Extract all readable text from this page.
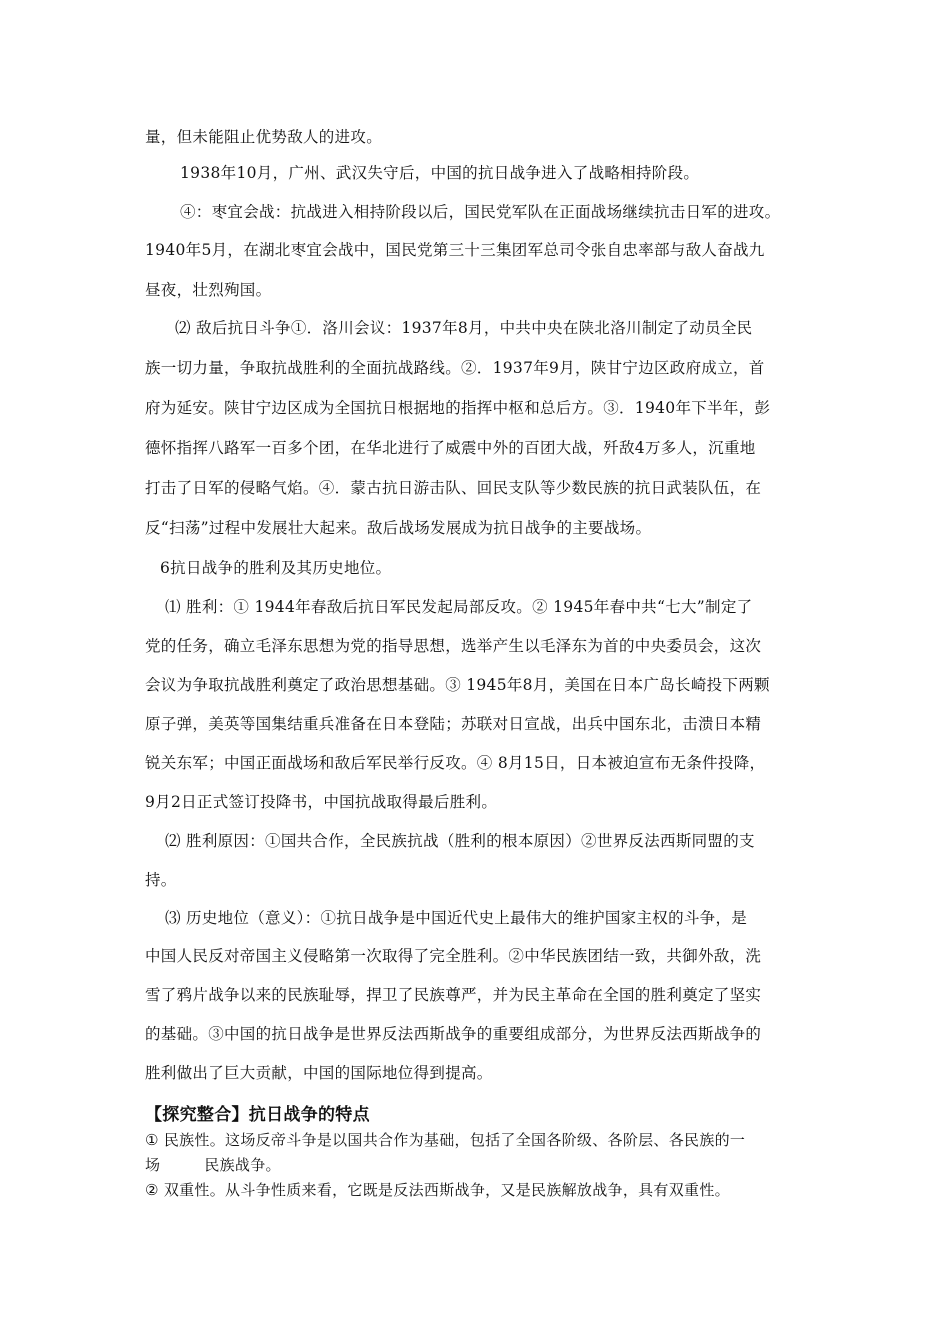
量，但未能阻止优势敌人的进攻。
1938年10月，广州、武汉失守后，中国的抗日战争进入了战略相持阶段。
④：枣宜会战：抗战进入相持阶段以后，国民党军队在正面战场继续抗击日军的进攻。
1940年5月，在湖北枣宜会战中，国民党第三十三集团军总司令张自忠率部与敌人奋战九
昼夜，壮烈殉国。
⑵ 敌后抗日斗争①．洛川会议：1937年8月，中共中央在陕北洛川制定了动员全民
族一切力量，争取抗战胜利的全面抗战路线。②．1937年9月，陕甘宁边区政府成立，首
府为延安。陕甘宁边区成为全国抗日根据地的指挥中枢和总后方。③．1940年下半年，彭
德怀指挥八路军一百多个团，在华北进行了威震中外的百团大战，歼敌4万多人，沉重地
打击了日军的侵略气焰。④．蒙古抗日游击队、回民支队等少数民族的抗日武装队伍，在
反“扫荡”过程中发展壮大起来。敌后战场发展成为抗日战争的主要战场。
6抗日战争的胜利及其历史地位。
⑴ 胜利：① 1944年春敌后抗日军民发起局部反攻。② 1945年春中共“七大”制定了
党的任务，确立毛泽东思想为党的指导思想，选举产生以毛泽东为首的中央委员会，这次
会议为争取抗战胜利奠定了政治思想基础。③ 1945年8月，美国在日本广岛长崎投下两颗
原子弹，美英等国集结重兵准备在日本登陆；苏联对日宣战，出兵中国东北，击溃日本精
锐关东军；中国正面战场和敌后军民举行反攻。④ 8月15日，日本被迫宣布无条件投降，
9月2日正式签订投降书，中国抗战取得最后胜利。
⑵ 胜利原因：①国共合作，全民族抗战（胜利的根本原因）②世界反法西斯同盟的支
持。
⑶ 历史地位（意义）：①抗日战争是中国近代史上最伟大的维护国家主权的斗争，是
中国人民反对帝国主义侵略第一次取得了完全胜利。②中华民族团结一致，共御外敌，洗
雪了鸦片战争以来的民族耻辱，捍卫了民族尊严，并为民主革命在全国的胜利奠定了坚实
的基础。③中国的抗日战争是世界反法西斯战争的重要组成部分，为世界反法西斯战争的
胜利做出了巨大贡献，中国的国际地位得到提高。
【探究整合】抗日战争的特点
① 民族性。这场反帝斗争是以国共合作为基础，包括了全国各阶级、各阶层、各民族的一
场	民族战争。
② 双重性。从斗争性质来看，它既是反法西斯战争，又是民族解放战争，具有双重性。
